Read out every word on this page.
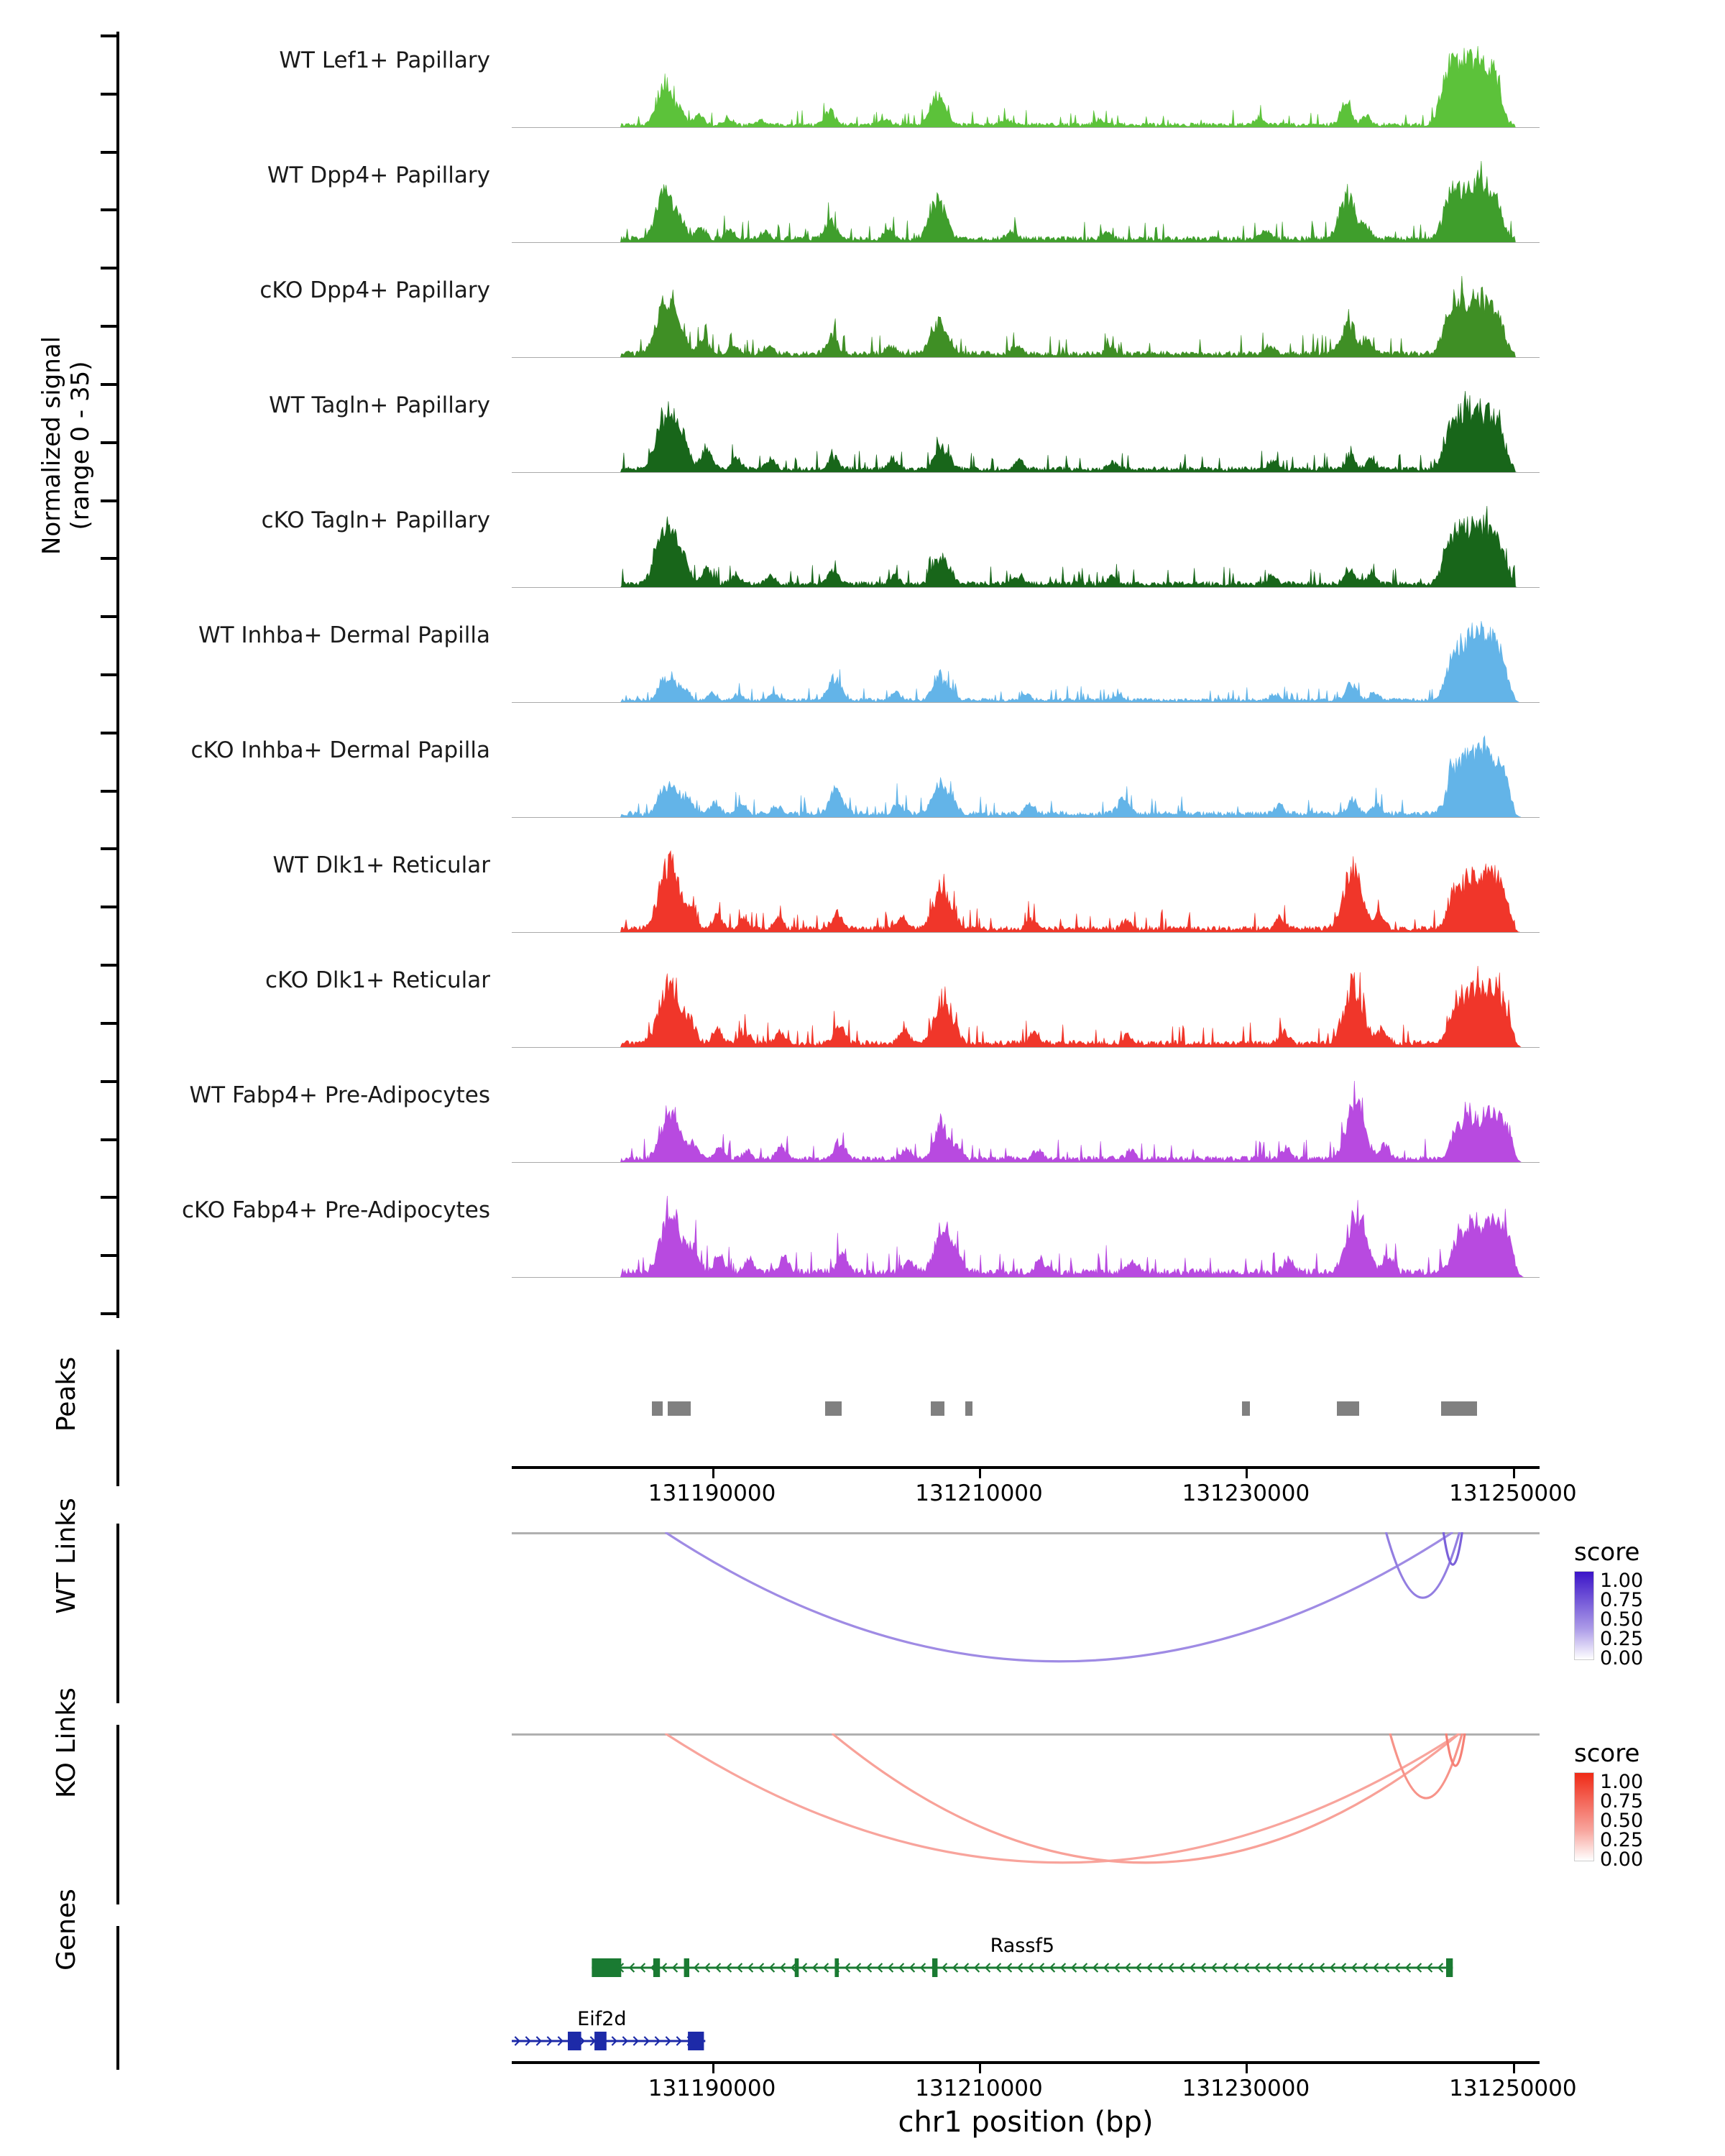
Normalized signal
(range 0 - 35)
Peaks
WT Links
KO Links
Genes
WT Lef1+ Papillary
WT Dpp4+ Papillary
cKO Dpp4+ Papillary
WT Tagln+ Papillary
cKO Tagln+ Papillary
WT Inhba+ Dermal Papilla
cKO Inhba+ Dermal Papilla
WT Dlk1+ Reticular
cKO Dlk1+ Reticular
WT Fabp4+ Pre-Adipocytes
cKO Fabp4+ Pre-Adipocytes
131190000	131210000	131230000	131250000
score
1.00
0.75
0.50
0.25
0.00
score
1.00
0.75
0.50
0.25
0.00
Rassf5
Eif2d
131190000	131210000	131230000	131250000
chr1 position (bp)
